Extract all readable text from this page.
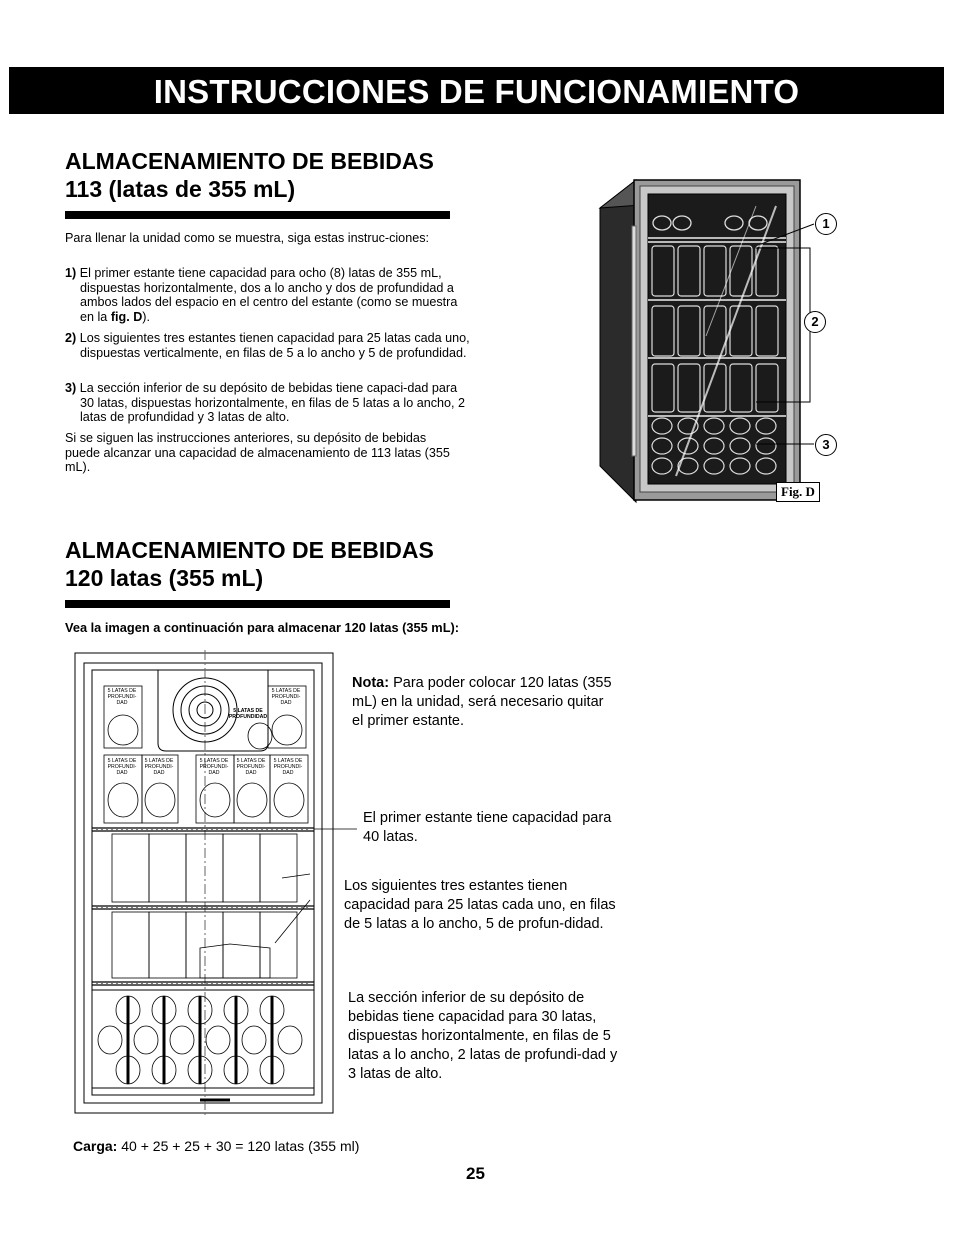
INSTRUCCIONES DE FUNCIONAMIENTO
ALMACENAMIENTO DE BEBIDAS
113 (latas de 355 mL)
Para llenar la unidad como se muestra, siga estas instruc-ciones:
1) El primer estante tiene capacidad para ocho (8) latas de 355 mL, dispuestas horizontalmente, dos a lo ancho y dos de profundidad a ambos lados del espacio en el centro del estante (como se muestra en la fig. D).
2) Los siguientes tres estantes tienen capacidad para 25 latas cada uno, dispuestas verticalmente, en filas de 5 a lo ancho y 5 de profundidad.
3) La sección inferior de su depósito de bebidas tiene capaci-dad para 30 latas, dispuestas horizontalmente, en filas de 5 latas a lo ancho, 2 latas de profundidad y 3 latas de alto.
Si se siguen las instrucciones anteriores, su depósito de bebidas puede alcanzar una capacidad de almacenamiento de 113 latas (355 mL).
1
2
3
Fig. D
ALMACENAMIENTO DE BEBIDAS
120 latas (355 mL)
Vea la imagen a continuación para almacenar 120 latas (355 mL):
5 LATAS DE PROFUNDI-DAD
5 LATAS DE PROFUNDI-DAD
5 LATAS DE PROFUNDIDAD
5 LATAS DE PROFUNDI-DAD
5 LATAS DE PROFUNDI-DAD
5 LATAS DE PROFUNDI-DAD
5 LATAS DE PROFUNDI-DAD
5 LATAS DE PROFUNDI-DAD
Nota: Para poder colocar 120 latas (355 mL) en la unidad, será necesario quitar el primer estante.
El primer estante tiene capacidad para 40 latas.
Los siguientes tres estantes tienen capacidad para 25 latas cada uno, en filas de 5 latas a lo ancho, 5 de profun-didad.
La sección inferior de su depósito de bebidas tiene capacidad para 30 latas, dispuestas horizontalmente, en filas de 5 latas a lo ancho, 2 latas de profundi-dad y 3 latas de alto.
Carga: 40 + 25 + 25 + 30 = 120 latas (355 ml)
25
